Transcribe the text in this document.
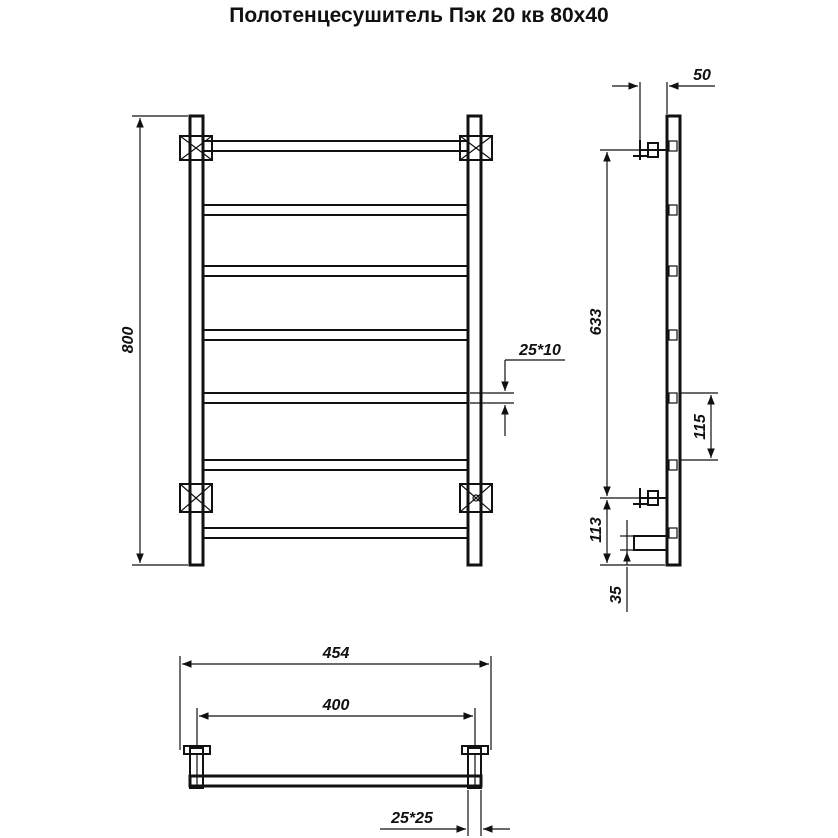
Полотенцесушитель Пэк 20 кв 80x40
800	25*10
50
633
115
113
35
454
400
25*25
